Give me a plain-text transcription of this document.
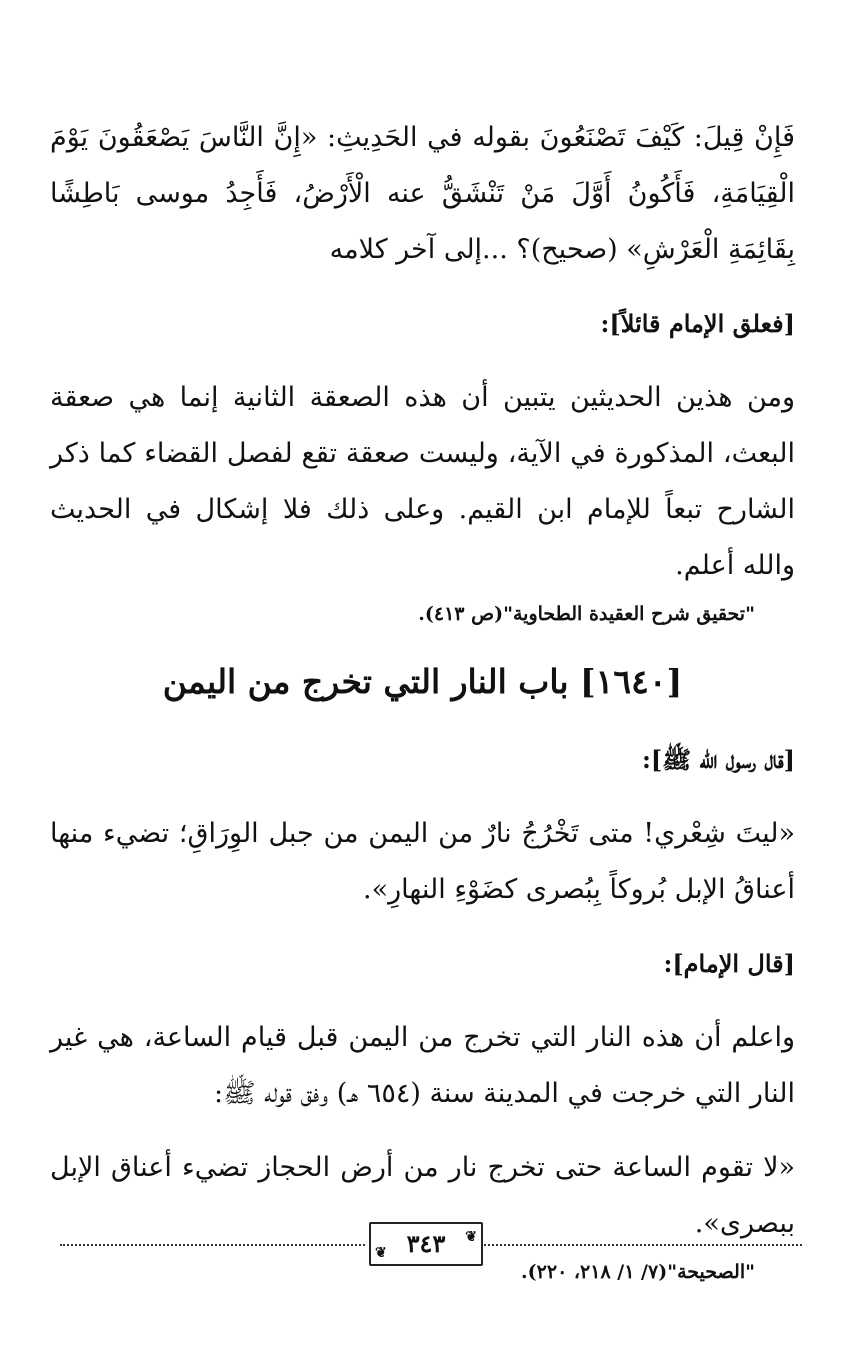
فَإِنْ قِيلَ: كَيْفَ تَصْنَعُونَ بقوله في الحَدِيثِ: «إِنَّ النَّاسَ يَصْعَقُونَ يَوْمَ الْقِيَامَةِ، فَأَكُونُ أَوَّلَ مَنْ تَنْشَقُّ عنه الْأَرْضُ، فَأَجِدُ موسى بَاطِشًا بِقَائِمَةِ الْعَرْشِ» (صحيح)؟ ...إلى آخر كلامه

[فعلق الإمام قائلاً]:

ومن هذين الحديثين يتبين أن هذه الصعقة الثانية إنما هي صعقة البعث، المذكورة في الآية، وليست صعقة تقع لفصل القضاء كما ذكر الشارح تبعاً للإمام ابن القيم. وعلى ذلك فلا إشكال في الحديث والله أعلم.

"تحقيق شرح العقيدة الطحاوية"(ص ٤١٣).
[١٦٤٠] باب النار التي تخرج من اليمن

[قال رسول الله ﷺ]:

«ليتَ شِعْري! متى تَخْرُجُ نارٌ من اليمن من جبل الوِرَاقِ؛ تضيء منها أعناقُ الإبل بُروكاً بِبُصرى كضَوْءِ النهارِ».

[قال الإمام]:

واعلم أن هذه النار التي تخرج من اليمن قبل قيام الساعة، هي غير النار التي خرجت في المدينة سنة (٦٥٤ هـ) وفق قوله ﷺ:

«لا تقوم الساعة حتى تخرج نار من أرض الحجاز تضيء أعناق الإبل ببصرى».

"الصحيحة"(٧/ ١/ ٢١٨، ٢٢٠).
❦
٣٤٣
❦
